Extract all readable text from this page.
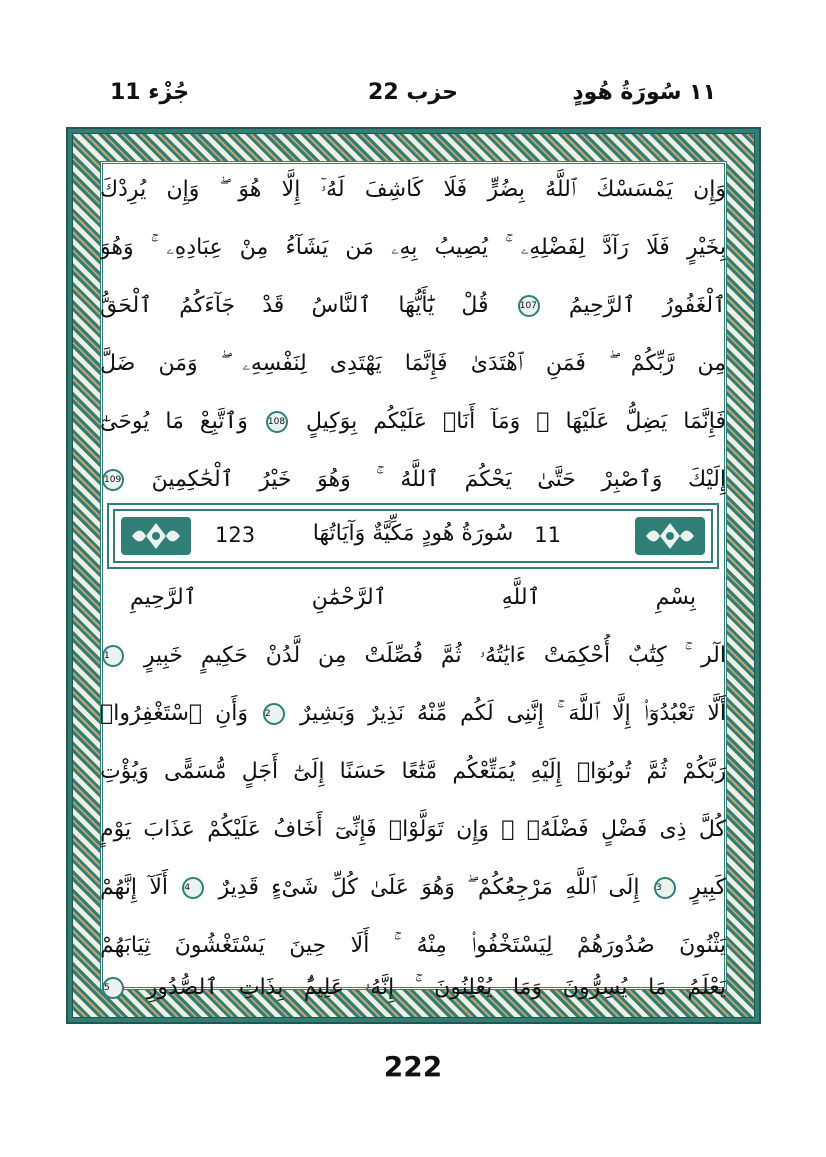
١١ سُورَةُ هُودٍ
حزب 22
جُزْء 11
وَإِن يَمْسَسْكَ ٱللَّهُ بِضُرٍّ فَلَا كَاشِفَ لَهُۥٓ إِلَّا هُوَ ۖ وَإِن يُرِدْكَ
بِخَيْرٍ فَلَا رَآدَّ لِفَضْلِهِۦ ۚ يُصِيبُ بِهِۦ مَن يَشَآءُ مِنْ عِبَادِهِۦ ۚ وَهُوَ
ٱلْغَفُورُ ٱلرَّحِيمُ 107 قُلْ يَٰٓأَيُّهَا ٱلنَّاسُ قَدْ جَآءَكُمُ ٱلْحَقُّ
مِن رَّبِّكُمْ ۖ فَمَنِ ٱهْتَدَىٰ فَإِنَّمَا يَهْتَدِى لِنَفْسِهِۦ ۖ وَمَن ضَلَّ
فَإِنَّمَا يَضِلُّ عَلَيْهَا ۖ وَمَآ أَنَا۠ عَلَيْكُم بِوَكِيلٍ 108 وَٱتَّبِعْ مَا يُوحَىٰٓ
إِلَيْكَ وَٱصْبِرْ حَتَّىٰ يَحْكُمَ ٱللَّهُ ۚ وَهُوَ خَيْرُ ٱلْحَٰكِمِينَ 109
11
سُورَةُ هُودٍ مَكِّيَّةٌ وَآيَاتُهَا
123
بِسْمِ ٱللَّهِ ٱلرَّحْمَٰنِ ٱلرَّحِيمِ
الٓر ۚ كِتَٰبٌ أُحْكِمَتْ ءَايَٰتُهُۥ ثُمَّ فُصِّلَتْ مِن لَّدُنْ حَكِيمٍ خَبِيرٍ 1
أَلَّا تَعْبُدُوٓا۟ إِلَّا ٱللَّهَ ۚ إِنَّنِى لَكُم مِّنْهُ نَذِيرٌ وَبَشِيرٌ 2 وَأَنِ ٱسْتَغْفِرُوا۟
رَبَّكُمْ ثُمَّ تُوبُوٓا۟ إِلَيْهِ يُمَتِّعْكُم مَّتَٰعًا حَسَنًا إِلَىٰٓ أَجَلٍ مُّسَمًّى وَيُؤْتِ
كُلَّ ذِى فَضْلٍ فَضْلَهُۥ ۖ وَإِن تَوَلَّوْا۟ فَإِنِّىٓ أَخَافُ عَلَيْكُمْ عَذَابَ يَوْمٍ
كَبِيرٍ 3 إِلَى ٱللَّهِ مَرْجِعُكُمْ ۖ وَهُوَ عَلَىٰ كُلِّ شَىْءٍ قَدِيرٌ 4 أَلَآ إِنَّهُمْ
يَثْنُونَ صُدُورَهُمْ لِيَسْتَخْفُوا۟ مِنْهُ ۚ أَلَا حِينَ يَسْتَغْشُونَ ثِيَابَهُمْ
يَعْلَمُ مَا يُسِرُّونَ وَمَا يُعْلِنُونَ ۚ إِنَّهُۥ عَلِيمٌۢ بِذَاتِ ٱلصُّدُورِ 5
222
